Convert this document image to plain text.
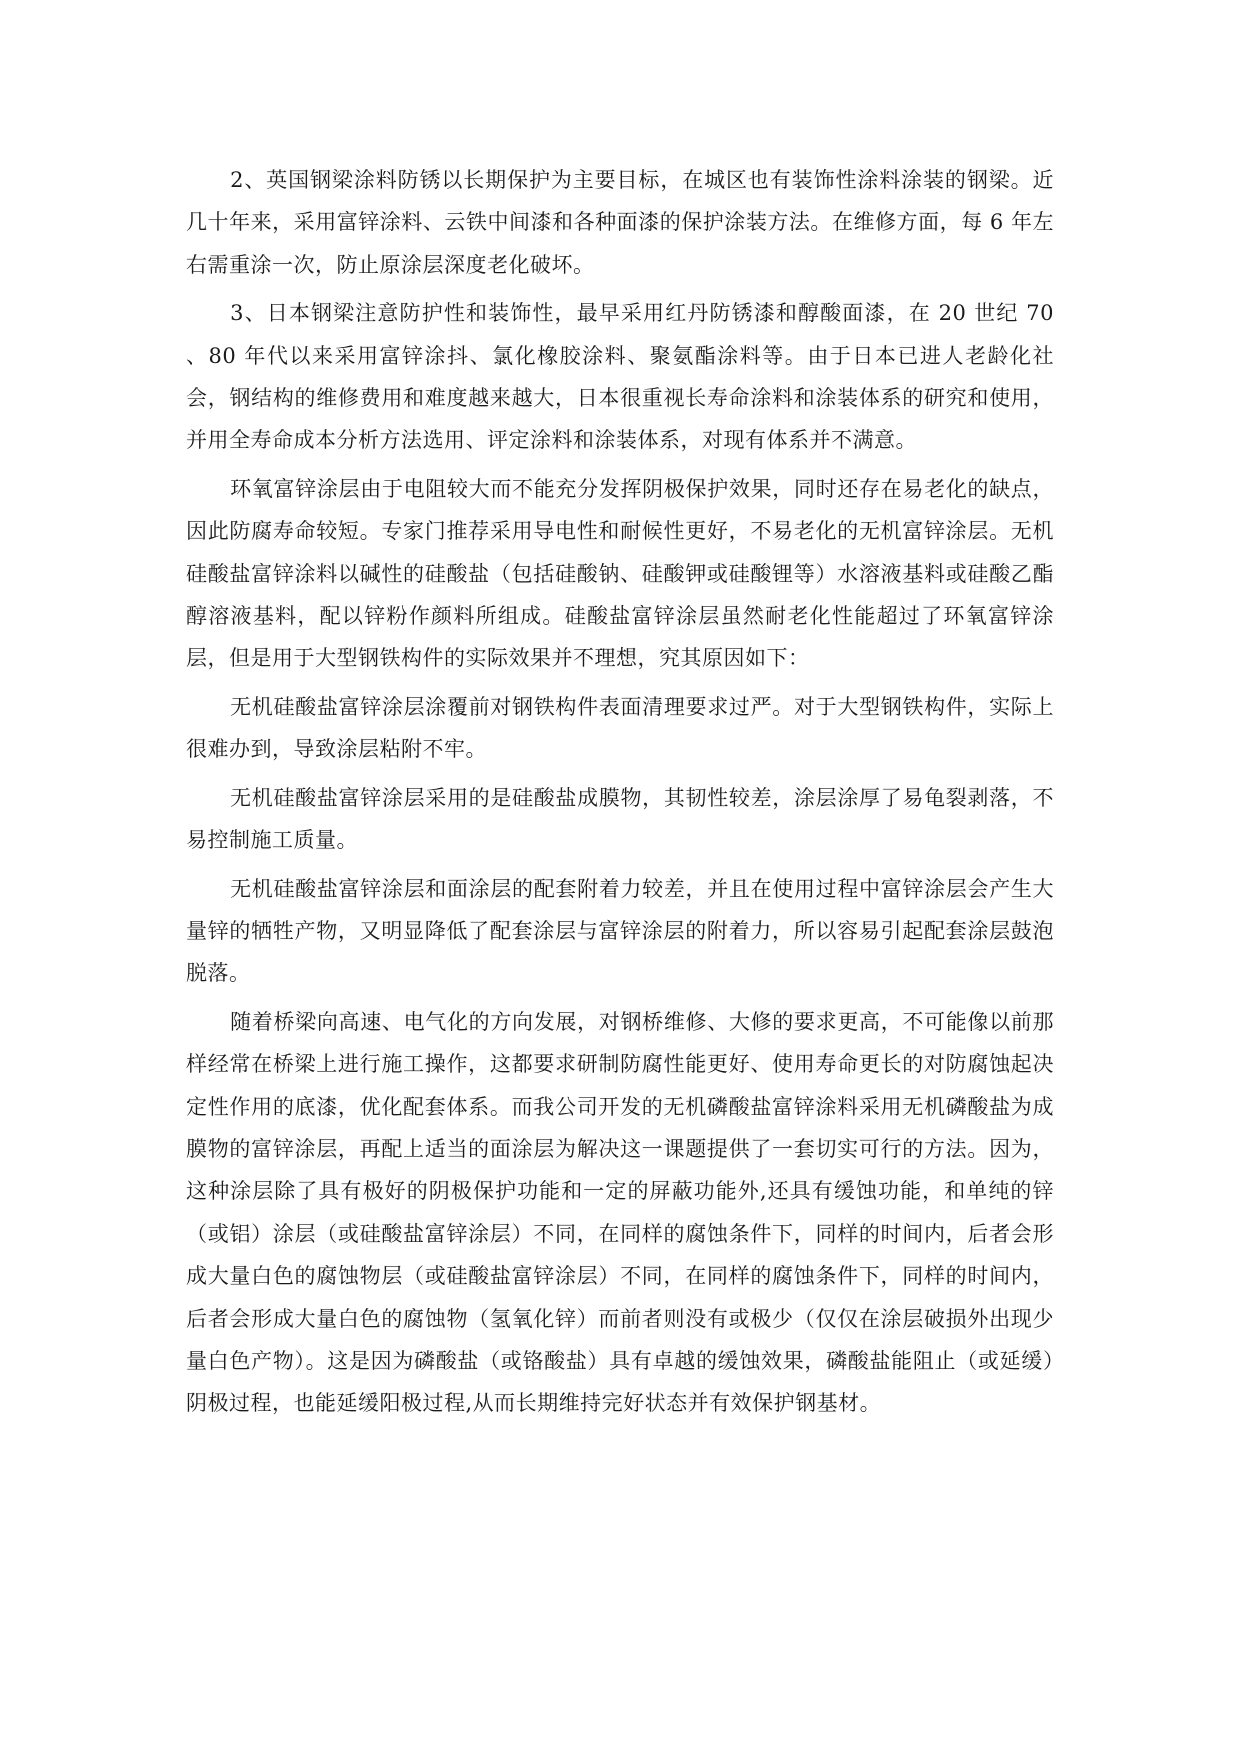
2、英国钢梁涂料防锈以长期保护为主要目标，在城区也有装饰性涂料涂装的钢梁。近几十年来，采用富锌涂料、云铁中间漆和各种面漆的保护涂装方法。在维修方面，每 6 年左右需重涂一次，防止原涂层深度老化破坏。

3、日本钢梁注意防护性和装饰性，最早采用红丹防锈漆和醇酸面漆，在 20 世纪 70 、80 年代以来采用富锌涂抖、氯化橡胶涂料、聚氨酯涂料等。由于日本已进人老龄化社会，钢结构的维修费用和难度越来越大，日本很重视长寿命涂料和涂装体系的研究和使用，并用全寿命成本分析方法选用、评定涂料和涂装体系，对现有体系并不满意。

环氧富锌涂层由于电阻较大而不能充分发挥阴极保护效果，同时还存在易老化的缺点，因此防腐寿命较短。专家门推荐采用导电性和耐候性更好，不易老化的无机富锌涂层。无机硅酸盐富锌涂料以碱性的硅酸盐（包括硅酸钠、硅酸钾或硅酸锂等）水溶液基料或硅酸乙酯醇溶液基料，配以锌粉作颜料所组成。硅酸盐富锌涂层虽然耐老化性能超过了环氧富锌涂层，但是用于大型钢铁构件的实际效果并不理想，究其原因如下：

无机硅酸盐富锌涂层涂覆前对钢铁构件表面清理要求过严。对于大型钢铁构件，实际上很难办到，导致涂层粘附不牢。

无机硅酸盐富锌涂层采用的是硅酸盐成膜物，其韧性较差，涂层涂厚了易龟裂剥落，不易控制施工质量。

无机硅酸盐富锌涂层和面涂层的配套附着力较差，并且在使用过程中富锌涂层会产生大量锌的牺牲产物，又明显降低了配套涂层与富锌涂层的附着力，所以容易引起配套涂层鼓泡脱落。

随着桥梁向高速、电气化的方向发展，对钢桥维修、大修的要求更高，不可能像以前那样经常在桥梁上进行施工操作，这都要求研制防腐性能更好、使用寿命更长的对防腐蚀起决定性作用的底漆，优化配套体系。而我公司开发的无机磷酸盐富锌涂料采用无机磷酸盐为成膜物的富锌涂层，再配上适当的面涂层为解决这一课题提供了一套切实可行的方法。因为，这种涂层除了具有极好的阴极保护功能和一定的屏蔽功能外,还具有缓蚀功能，和单纯的锌（或铝）涂层（或硅酸盐富锌涂层）不同，在同样的腐蚀条件下，同样的时间内，后者会形成大量白色的腐蚀物层（或硅酸盐富锌涂层）不同，在同样的腐蚀条件下，同样的时间内，后者会形成大量白色的腐蚀物（氢氧化锌）而前者则没有或极少（仅仅在涂层破损外出现少量白色产物）。这是因为磷酸盐（或铬酸盐）具有卓越的缓蚀效果，磷酸盐能阻止（或延缓）阴极过程，也能延缓阳极过程,从而长期维持完好状态并有效保护钢基材。
